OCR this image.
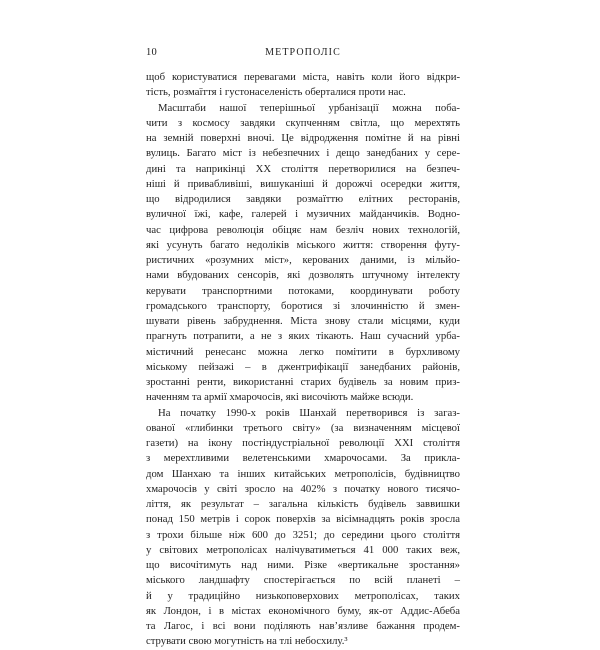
10	МЕТРОПОЛІС
щоб користуватися перевагами міста, навіть коли його відкри-
тість, розмаїття і густонаселеність оберталися проти нас.
Масштаби нашої теперішньої урбанізації можна поба-
чити з космосу завдяки скупченням світла, що мерехтять
на земній поверхні вночі. Це відродження помітне й на рівні
вулиць. Багато міст із небезпечних і дещо занедбаних у сере-
дині та наприкінці XX століття перетворилися на безпеч-
ніші й привабливіші, вишуканіші й дорожчі осередки життя,
що відродилися завдяки розмаїттю елітних ресторанів,
вуличної їжі, кафе, галерей і музичних майданчиків. Водно-
час цифрова революція обіцяє нам безліч нових технологій,
які усунуть багато недоліків міського життя: створення футу-
ристичних «розумних міст», керованих даними, із мільйо-
нами вбудованих сенсорів, які дозволять штучному інтелекту
керувати транспортними потоками, координувати роботу
громадського транспорту, боротися зі злочинністю й змен-
шувати рівень забруднення. Міста знову стали місцями, куди
прагнуть потрапити, а не з яких тікають. Наш сучасний урба-
містичний ренесанс можна легко помітити в бурхливому
міському пейзажі – в джентрифікації занедбаних районів,
зростанні ренти, використанні старих будівель за новим приз-
наченням та армії хмарочосів, які височіють майже всюди.
На початку 1990-х років Шанхай перетворився із загаз-
ованої «глибинки третього світу» (за визначенням місцевої
газети) на ікону постіндустріальної революції XXI століття
з мерехтливими велетенськими хмарочосами. За прикла-
дом Шанхаю та інших китайських метрополісів, будівництво
хмарочосів у світі зросло на 402% з початку нового тисячо-
ліття, як результат – загальна кількість будівель заввишки
понад 150 метрів і сорок поверхів за вісімнадцять років зросла
з трохи більше ніж 600 до 3251; до середини цього століття
у світових метрополісах налічуватиметься 41 000 таких веж,
що височітимуть над ними. Різке «вертикальне зростання»
міського ландшафту спостерігається по всій планеті –
й у традиційно низькоповерхових метрополісах, таких
як Лондон, і в містах економічного буму, як-от Аддис-Абеба
та Лагос, і всі вони поділяють нав’язливе бажання продем-
струвати свою могутність на тлі небосхилу.³
